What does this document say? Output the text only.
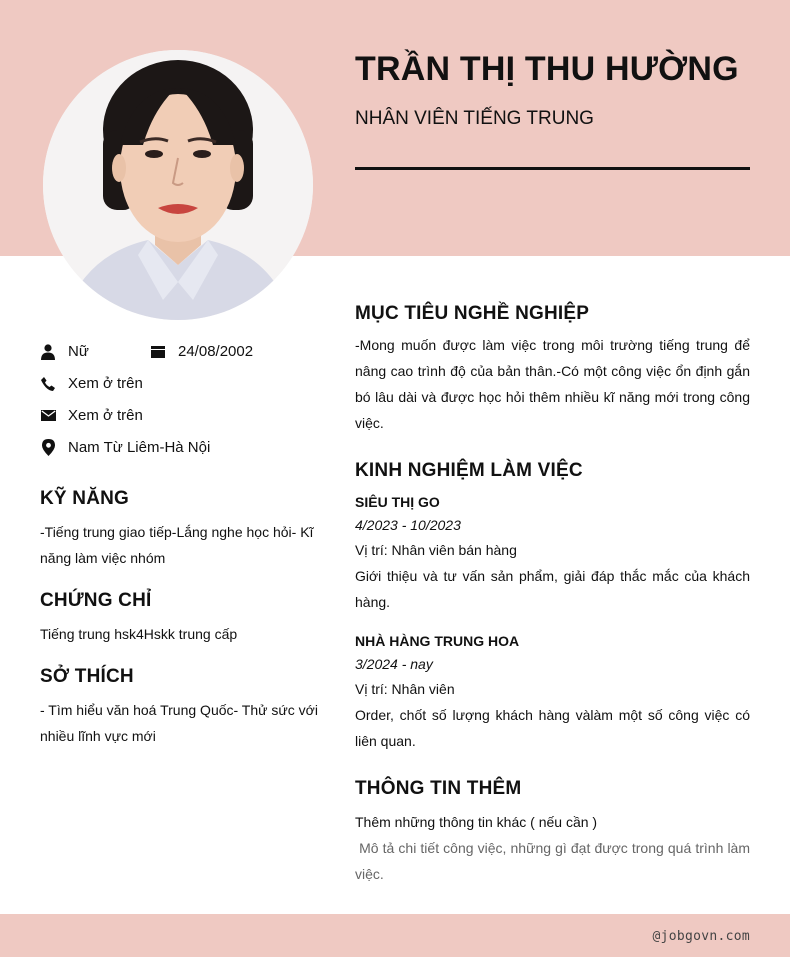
TRẦN THỊ THU HƯỜNG
NHÂN VIÊN TIẾNG TRUNG
Nữ	24/08/2002
Xem ở trên
Xem ở trên
Nam Từ Liêm-Hà Nội
KỸ NĂNG

-Tiếng trung giao tiếp-Lắng nghe học hỏi- Kĩ năng làm việc nhóm

CHỨNG CHỈ

Tiếng trung hsk4Hskk trung cấp

SỞ THÍCH

- Tìm hiểu văn hoá Trung Quốc- Thử sức với nhiều lĩnh vực mới

MỤC TIÊU NGHỀ NGHIỆP

-Mong muốn được làm việc trong môi trường tiếng trung để nâng cao trình độ của bản thân.-Có một công việc ổn định gắn bó lâu dài và được học hỏi thêm nhiều kĩ năng mới trong công việc.

KINH NGHIỆM LÀM VIỆC

SIÊU THỊ GO

4/2023 - 10/2023

Vị trí: Nhân viên bán hàng

Giới thiệu và tư vấn sản phẩm, giải đáp thắc mắc của khách hàng.

NHÀ HÀNG TRUNG HOA

3/2024 - nay

Vị trí: Nhân viên

Order, chốt số lượng khách hàng vàlàm một số công việc có liên quan.

THÔNG TIN THÊM

Thêm những thông tin khác ( nếu cần )

Mô tả chi tiết công việc, những gì đạt được trong quá trình làm việc.

@jobgovn.com
